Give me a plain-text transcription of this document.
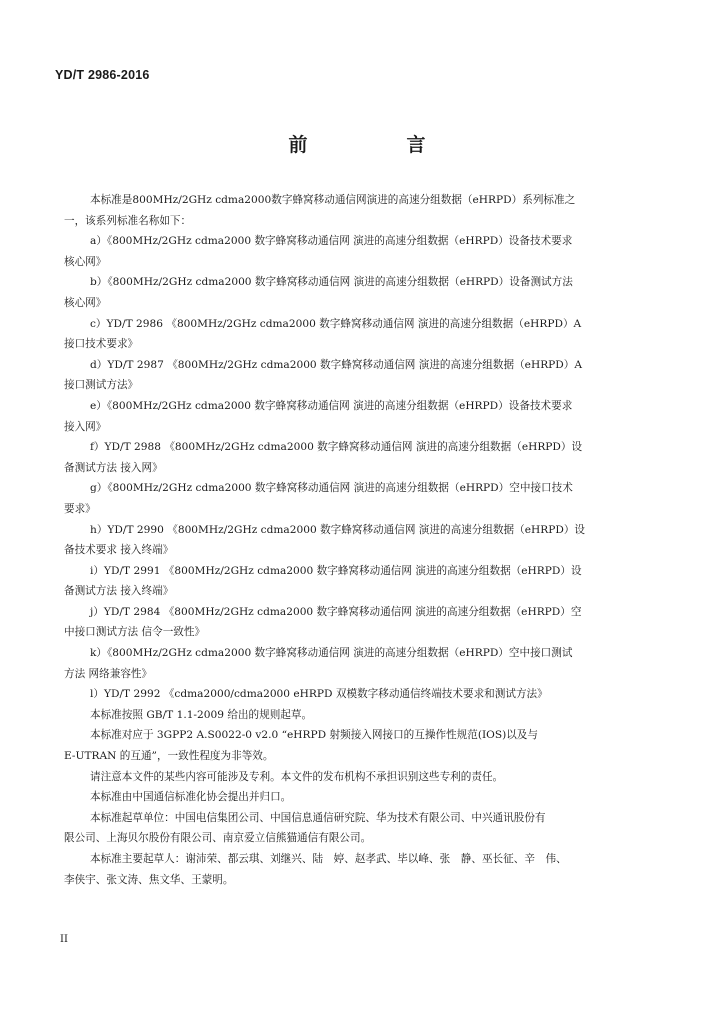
YD/T 2986-2016
前　言
本标准是800MHz/2GHz cdma2000数字蜂窝移动通信网演进的高速分组数据（eHRPD）系列标准之
一，该系列标准名称如下：
a）《800MHz/2GHz cdma2000 数字蜂窝移动通信网 演进的高速分组数据（eHRPD）设备技术要求
核心网》
b）《800MHz/2GHz cdma2000 数字蜂窝移动通信网 演进的高速分组数据（eHRPD）设备测试方法
核心网》
c）YD/T 2986 《800MHz/2GHz cdma2000 数字蜂窝移动通信网 演进的高速分组数据（eHRPD）A
接口技术要求》
d）YD/T 2987 《800MHz/2GHz cdma2000 数字蜂窝移动通信网 演进的高速分组数据（eHRPD）A
接口测试方法》
e）《800MHz/2GHz cdma2000 数字蜂窝移动通信网 演进的高速分组数据（eHRPD）设备技术要求
接入网》
f）YD/T 2988 《800MHz/2GHz cdma2000 数字蜂窝移动通信网 演进的高速分组数据（eHRPD）设
备测试方法 接入网》
g）《800MHz/2GHz cdma2000 数字蜂窝移动通信网 演进的高速分组数据（eHRPD）空中接口技术
要求》
h）YD/T 2990 《800MHz/2GHz cdma2000 数字蜂窝移动通信网 演进的高速分组数据（eHRPD）设
备技术要求 接入终端》
i）YD/T 2991 《800MHz/2GHz cdma2000 数字蜂窝移动通信网 演进的高速分组数据（eHRPD）设
备测试方法 接入终端》
j）YD/T 2984 《800MHz/2GHz cdma2000 数字蜂窝移动通信网 演进的高速分组数据（eHRPD）空
中接口测试方法 信令一致性》
k）《800MHz/2GHz cdma2000 数字蜂窝移动通信网 演进的高速分组数据（eHRPD）空中接口测试
方法 网络兼容性》
l）YD/T 2992 《cdma2000/cdma2000 eHRPD 双模数字移动通信终端技术要求和测试方法》
本标准按照 GB/T 1.1-2009 给出的规则起草。
本标准对应于 3GPP2 A.S0022-0 v2.0 “eHRPD 射频接入网接口的互操作性规范(IOS)以及与
E-UTRAN 的互通”，一致性程度为非等效。
请注意本文件的某些内容可能涉及专利。本文件的发布机构不承担识别这些专利的责任。
本标准由中国通信标准化协会提出并归口。
本标准起草单位：中国电信集团公司、中国信息通信研究院、华为技术有限公司、中兴通讯股份有
限公司、上海贝尔股份有限公司、南京爱立信熊猫通信有限公司。
本标准主要起草人：谢沛荣、都云琪、刘继兴、陆　婷、赵孝武、毕以峰、张　静、巫长征、辛　伟、
李侠宇、张文涛、焦文华、王蒙明。
II
